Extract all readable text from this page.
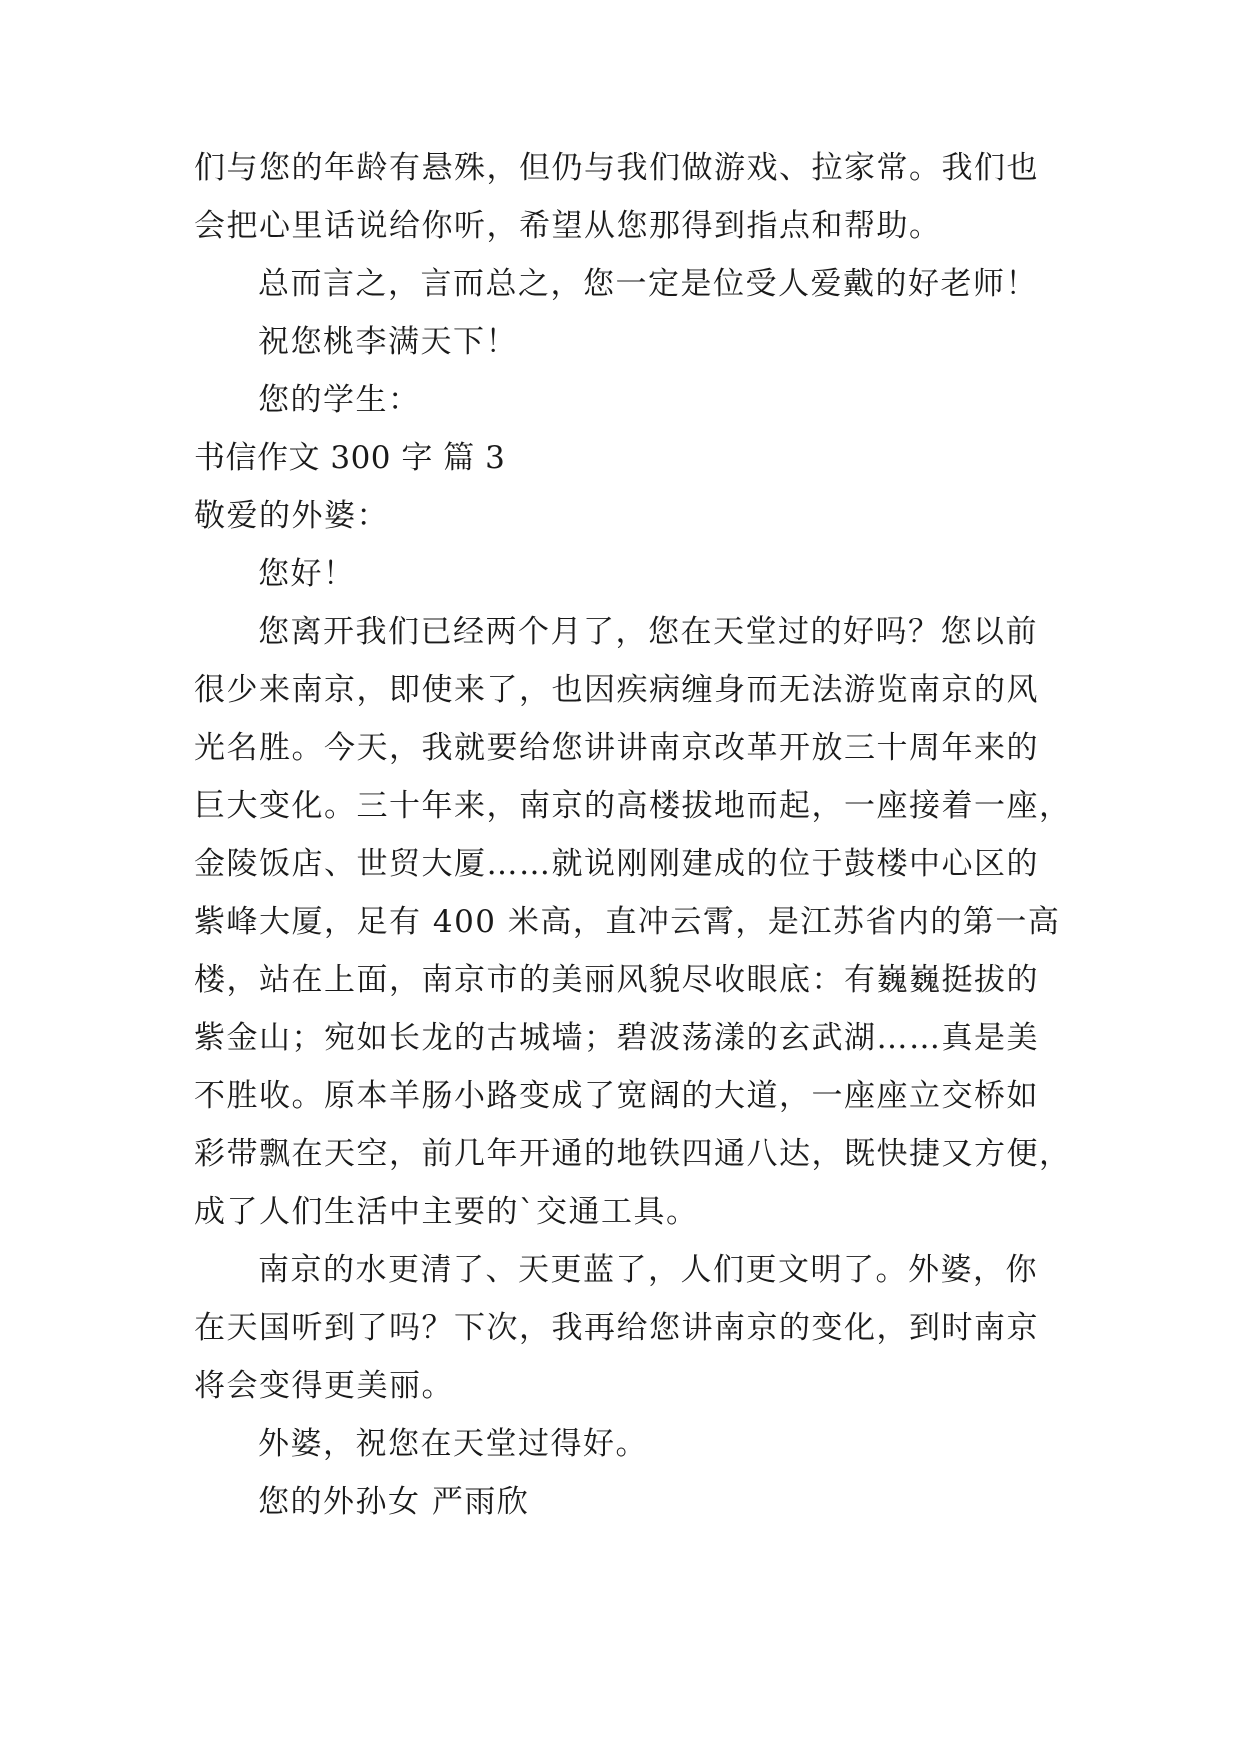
们与您的年龄有悬殊，但仍与我们做游戏、拉家常。我们也
会把心里话说给你听，希望从您那得到指点和帮助。
总而言之，言而总之，您一定是位受人爱戴的好老师！
祝您桃李满天下！
您的学生：
书信作文 300 字 篇 3
敬爱的外婆：
您好！
您离开我们已经两个月了，您在天堂过的好吗？您以前
很少来南京，即使来了，也因疾病缠身而无法游览南京的风
光名胜。今天，我就要给您讲讲南京改革开放三十周年来的
巨大变化。三十年来，南京的高楼拔地而起，一座接着一座，
金陵饭店、世贸大厦……就说刚刚建成的位于鼓楼中心区的
紫峰大厦，足有 400 米高，直冲云霄，是江苏省内的第一高
楼，站在上面，南京市的美丽风貌尽收眼底：有巍巍挺拔的
紫金山；宛如长龙的古城墙；碧波荡漾的玄武湖……真是美
不胜收。原本羊肠小路变成了宽阔的大道，一座座立交桥如
彩带飘在天空，前几年开通的地铁四通八达，既快捷又方便，
成了人们生活中主要的`交通工具。
南京的水更清了、天更蓝了，人们更文明了。外婆，你
在天国听到了吗？下次，我再给您讲南京的变化，到时南京
将会变得更美丽。
外婆，祝您在天堂过得好。
您的外孙女 严雨欣
